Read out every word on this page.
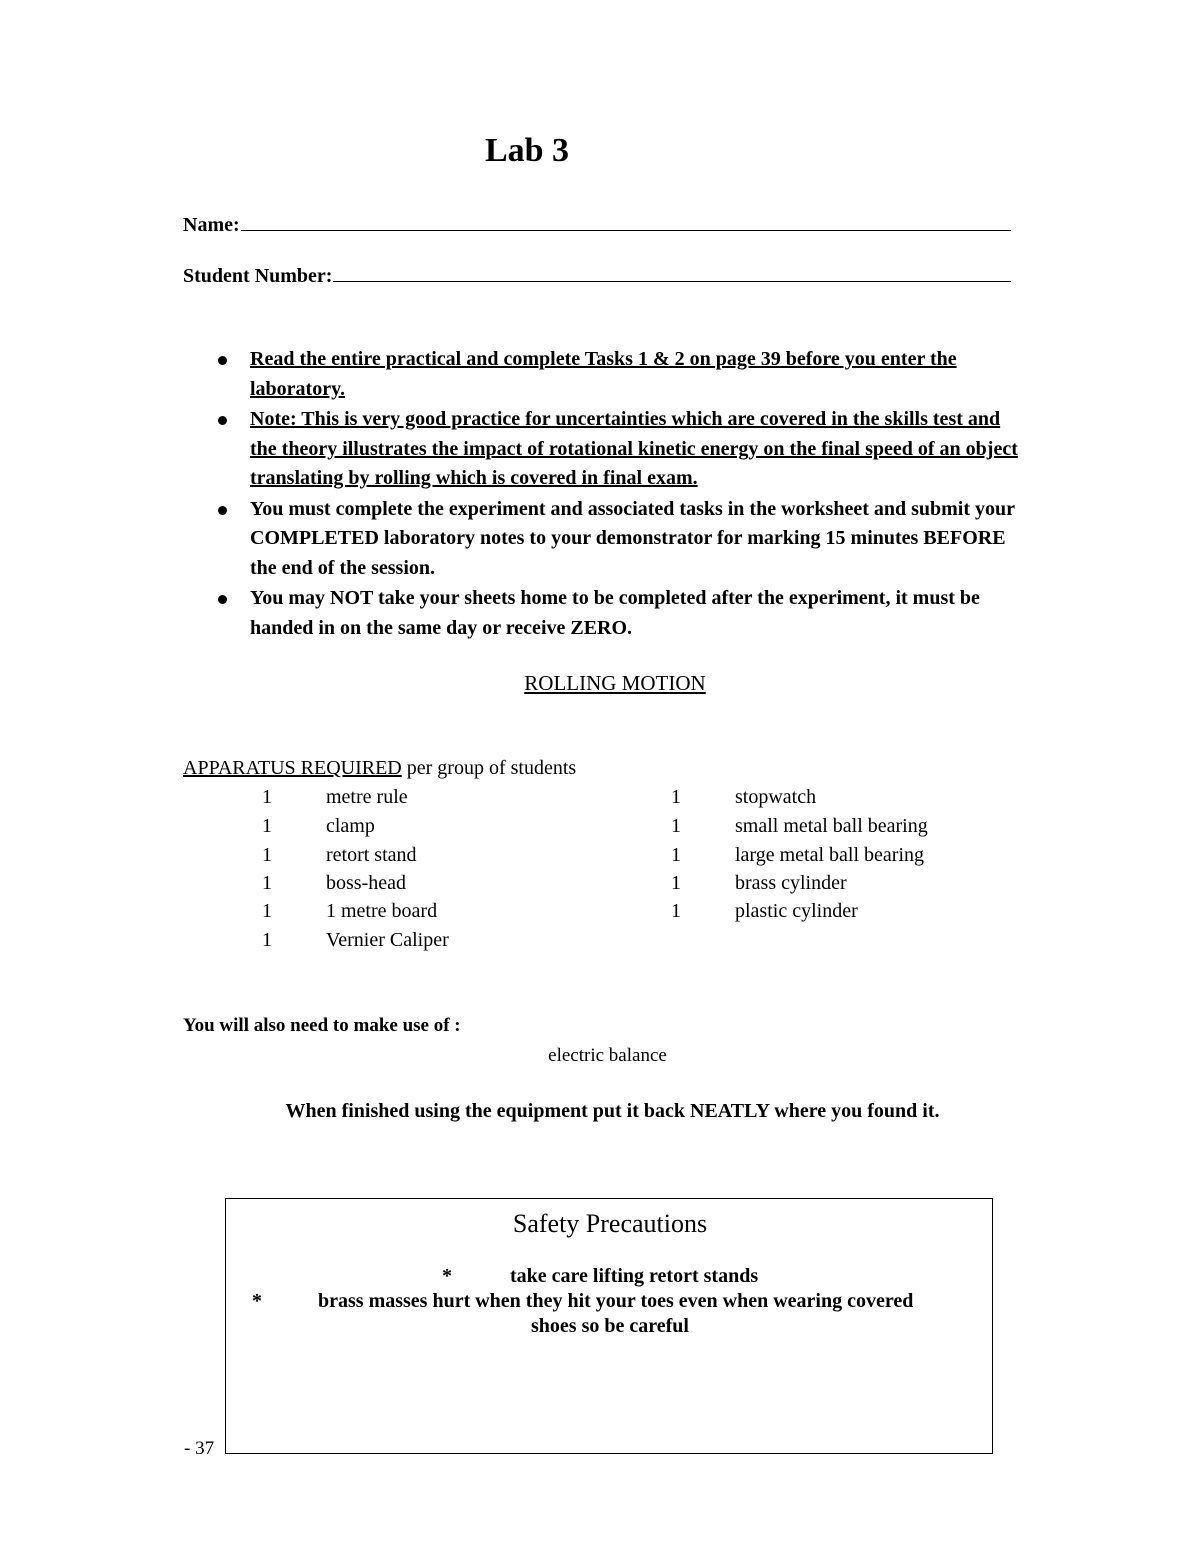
Lab 3
Name:
Student Number:
Read the entire practical and complete Tasks 1 & 2 on page 39 before you enter the laboratory.
Note: This is very good practice for uncertainties which are covered in the skills test and the theory illustrates the impact of rotational kinetic energy on the final speed of an object translating by rolling which is covered in final exam.
You must complete the experiment and associated tasks in the worksheet and submit your COMPLETED laboratory notes to your demonstrator for marking 15 minutes BEFORE the end of the session.
You may NOT take your sheets home to be completed after the experiment, it must be handed in on the same day or receive ZERO.
ROLLING MOTION
APPARATUS REQUIRED per group of students
1	metre rule
1	clamp
1	retort stand
1	boss-head
1	1 metre board
1	Vernier Caliper
1	stopwatch
1	small metal ball bearing
1	large metal ball bearing
1	brass cylinder
1	plastic cylinder
You will also need to make use of :
electric balance
When finished using the equipment put it back NEATLY where you found it.
Safety Precautions
*	take care lifting retort stands
*	brass masses hurt when they hit your toes even when wearing covered
shoes so be careful
- 37
